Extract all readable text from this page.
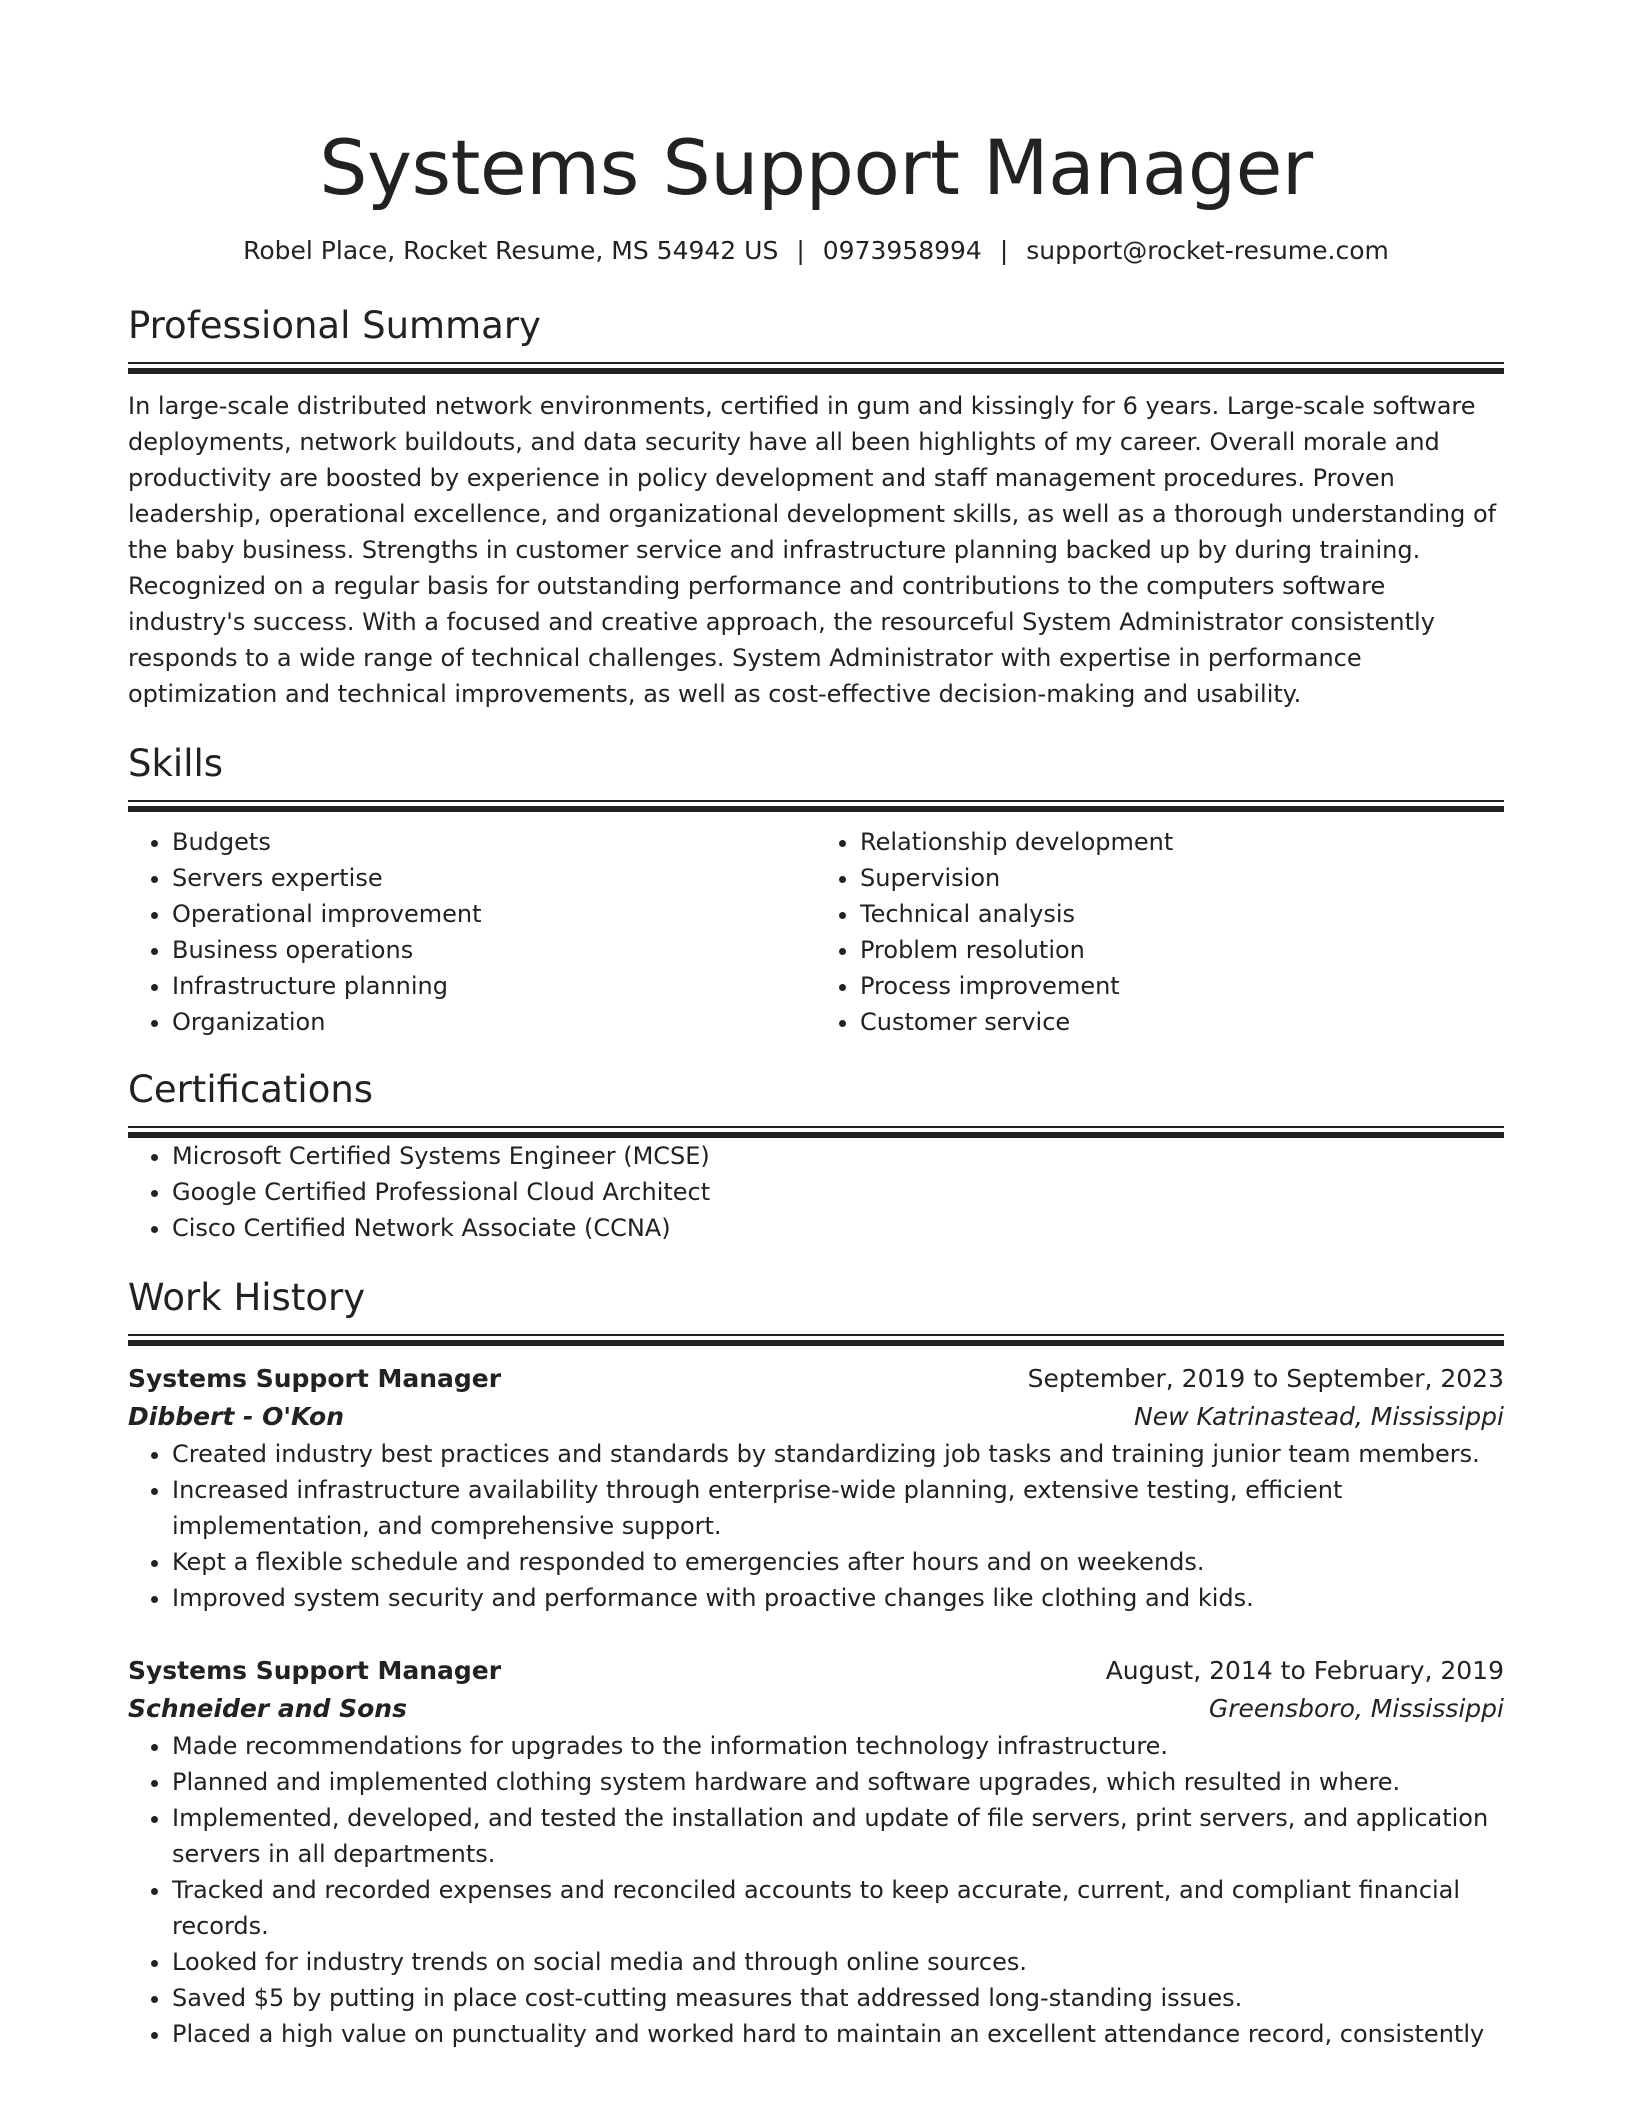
Systems Support Manager
Robel Place, Rocket Resume, MS 54942 US | 0973958994 | support@rocket-resume.com
Professional Summary

In large-scale distributed network environments, certified in gum and kissingly for 6 years. Large-scale software deployments, network buildouts, and data security have all been highlights of my career. Overall morale and productivity are boosted by experience in policy development and staff management procedures. Proven leadership, operational excellence, and organizational development skills, as well as a thorough understanding of the baby business. Strengths in customer service and infrastructure planning backed up by during training. Recognized on a regular basis for outstanding performance and contributions to the computers software industry's success. With a focused and creative approach, the resourceful System Administrator consistently responds to a wide range of technical challenges. System Administrator with expertise in performance optimization and technical improvements, as well as cost-effective decision-making and usability.

Skills
• Budgets
• Servers expertise
• Operational improvement
• Business operations
• Infrastructure planning
• Organization
• Relationship development
• Supervision
• Technical analysis
• Problem resolution
• Process improvement
• Customer service
Certifications
• Microsoft Certified Systems Engineer (MCSE)
• Google Certified Professional Cloud Architect
• Cisco Certified Network Associate (CCNA)
Work History
Systems Support Manager	September, 2019 to September, 2023
Dibbert - O'Kon	New Katrinastead, Mississippi
• Created industry best practices and standards by standardizing job tasks and training junior team members.
• Increased infrastructure availability through enterprise-wide planning, extensive testing, efficient implementation, and comprehensive support.
• Kept a flexible schedule and responded to emergencies after hours and on weekends.
• Improved system security and performance with proactive changes like clothing and kids.
Systems Support Manager	August, 2014 to February, 2019
Schneider and Sons	Greensboro, Mississippi
• Made recommendations for upgrades to the information technology infrastructure.
• Planned and implemented clothing system hardware and software upgrades, which resulted in where.
• Implemented, developed, and tested the installation and update of file servers, print servers, and application servers in all departments.
• Tracked and recorded expenses and reconciled accounts to keep accurate, current, and compliant financial records.
• Looked for industry trends on social media and through online sources.
• Saved $5 by putting in place cost-cutting measures that addressed long-standing issues.
• Placed a high value on punctuality and worked hard to maintain an excellent attendance record, consistently
